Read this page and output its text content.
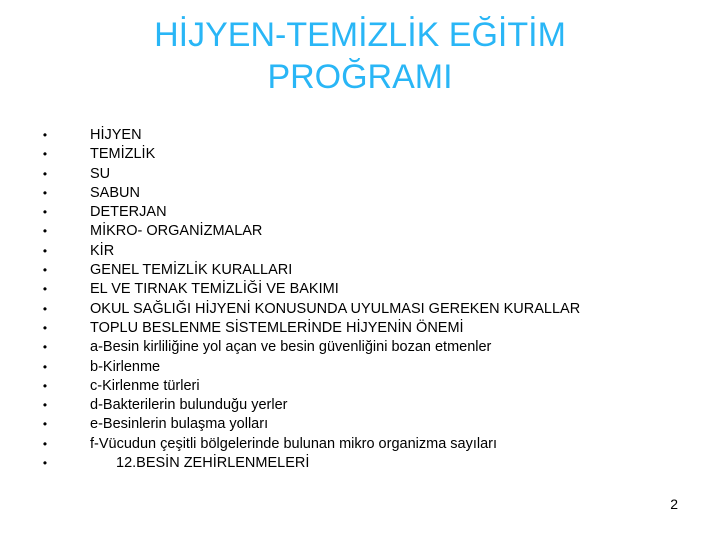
HİJYEN-TEMİZLİK EĞİTİM
PROĞRAMI
•	HİJYEN
•	TEMİZLİK
•	SU
•	SABUN
•	DETERJAN
•	MİKRO- ORGANİZMALAR
•	KİR
•	GENEL TEMİZLİK KURALLARI
•	EL VE TIRNAK TEMİZLİĞİ VE BAKIMI
•	OKUL SAĞLIĞI HİJYENİ KONUSUNDA UYULMASI GEREKEN KURALLAR
•	TOPLU BESLENME SİSTEMLERİNDE HİJYENİN ÖNEMİ
•	a-Besin kirliliğine yol açan ve besin güvenliğini bozan etmenler
•	b-Kirlenme
•	c-Kirlenme türleri
•	d-Bakterilerin bulunduğu yerler
•	e-Besinlerin bulaşma yolları
•	f-Vücudun çeşitli bölgelerinde bulunan mikro organizma sayıları
•	12.BESİN ZEHİRLENMELERİ
2
